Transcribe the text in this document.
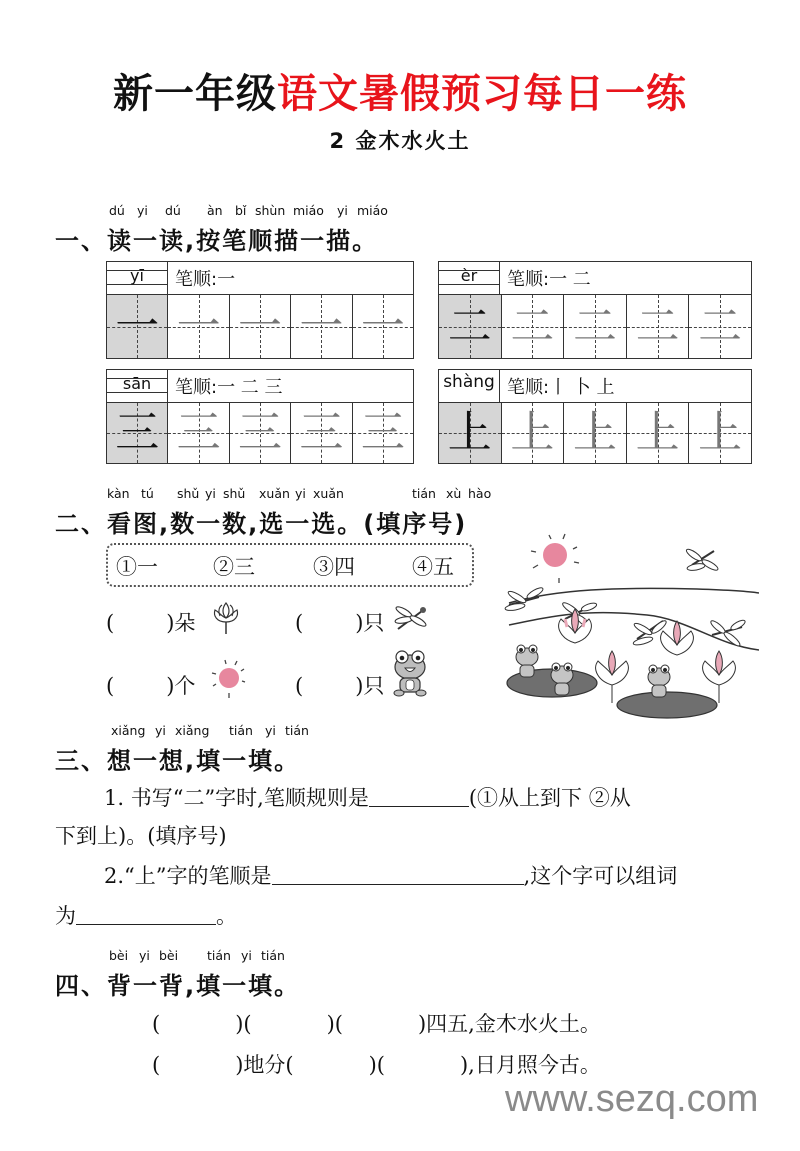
新一年级语文暑假预习每日一练
2 金木水火土
dú yi dú àn bǐ shùn miáo yi miáo
一、读一读,按笔顺描一描。
yī	笔顺:一
一 一 一 一 一
èr	笔顺:一 二
二 二 二 二 二
sān	笔顺:一 二 三
三 三 三 三 三
shàng 笔顺:丨 卜 上
上 上 上 上 上
kàn tú shǔ yi shǔ xuǎn yi xuǎn	tián xù hào
二、看图,数一数,选一选。(填序号)
①一	②三	③四	④五
( )朵	( )只
( )个	( )只
xiǎng yi xiǎng tián yi tián
三、想一想,填一填。
1. 书写“二”字时,笔顺规则是	(①从上到下 ②从
下到上)。(填序号)
2.“上”字的笔顺是	,这个字可以组词
为	。
bèi yi bèi tián yi tián
四、背一背,填一填。
(	)(	)(	)四五,金木水火土。
(	)地分(	)(	),日月照今古。
www.sezq.com
